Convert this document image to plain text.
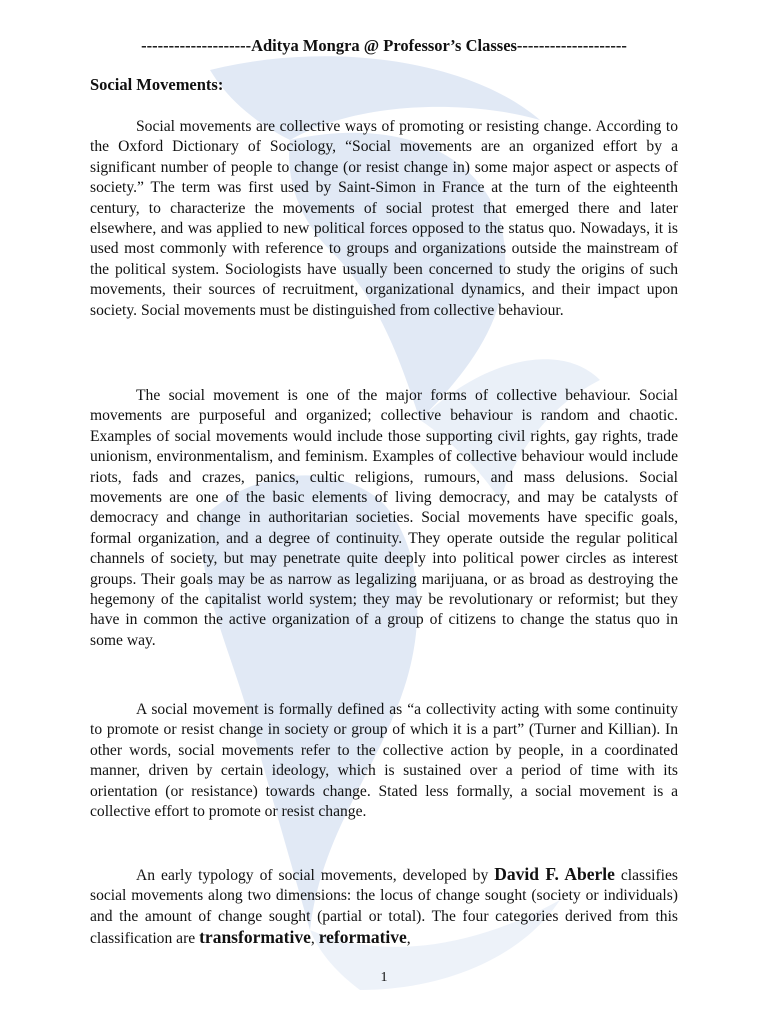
--------------------Aditya Mongra @ Professor’s Classes--------------------
Social Movements:

Social movements are collective ways of promoting or resisting change. According to the Oxford Dictionary of Sociology, “Social movements are an organized effort by a significant number of people to change (or resist change in) some major aspect or aspects of society.” The term was first used by Saint-Simon in France at the turn of the eighteenth century, to characterize the movements of social protest that emerged there and later elsewhere, and was applied to new political forces opposed to the status quo. Nowadays, it is used most commonly with reference to groups and organizations outside the mainstream of the political system. Sociologists have usually been concerned to study the origins of such movements, their sources of recruitment, organizational dynamics, and their impact upon society. Social movements must be distinguished from collective behaviour.

The social movement is one of the major forms of collective behaviour. Social movements are purposeful and organized; collective behaviour is random and chaotic. Examples of social movements would include those supporting civil rights, gay rights, trade unionism, environmentalism, and feminism. Examples of collective behaviour would include riots, fads and crazes, panics, cultic religions, rumours, and mass delusions. Social movements are one of the basic elements of living democracy, and may be catalysts of democracy and change in authoritarian societies. Social movements have specific goals, formal organization, and a degree of continuity. They operate outside the regular political channels of society, but may penetrate quite deeply into political power circles as interest groups. Their goals may be as narrow as legalizing marijuana, or as broad as destroying the hegemony of the capitalist world system; they may be revolutionary or reformist; but they have in common the active organization of a group of citizens to change the status quo in some way.

A social movement is formally defined as “a collectivity acting with some continuity to promote or resist change in society or group of which it is a part” (Turner and Killian). In other words, social movements refer to the collective action by people, in a coordinated manner, driven by certain ideology, which is sustained over a period of time with its orientation (or resistance) towards change. Stated less formally, a social movement is a collective effort to promote or resist change.

An early typology of social movements, developed by David F. Aberle classifies social movements along two dimensions: the locus of change sought (society or individuals) and the amount of change sought (partial or total). The four categories derived from this classification are transformative, reformative,

1
